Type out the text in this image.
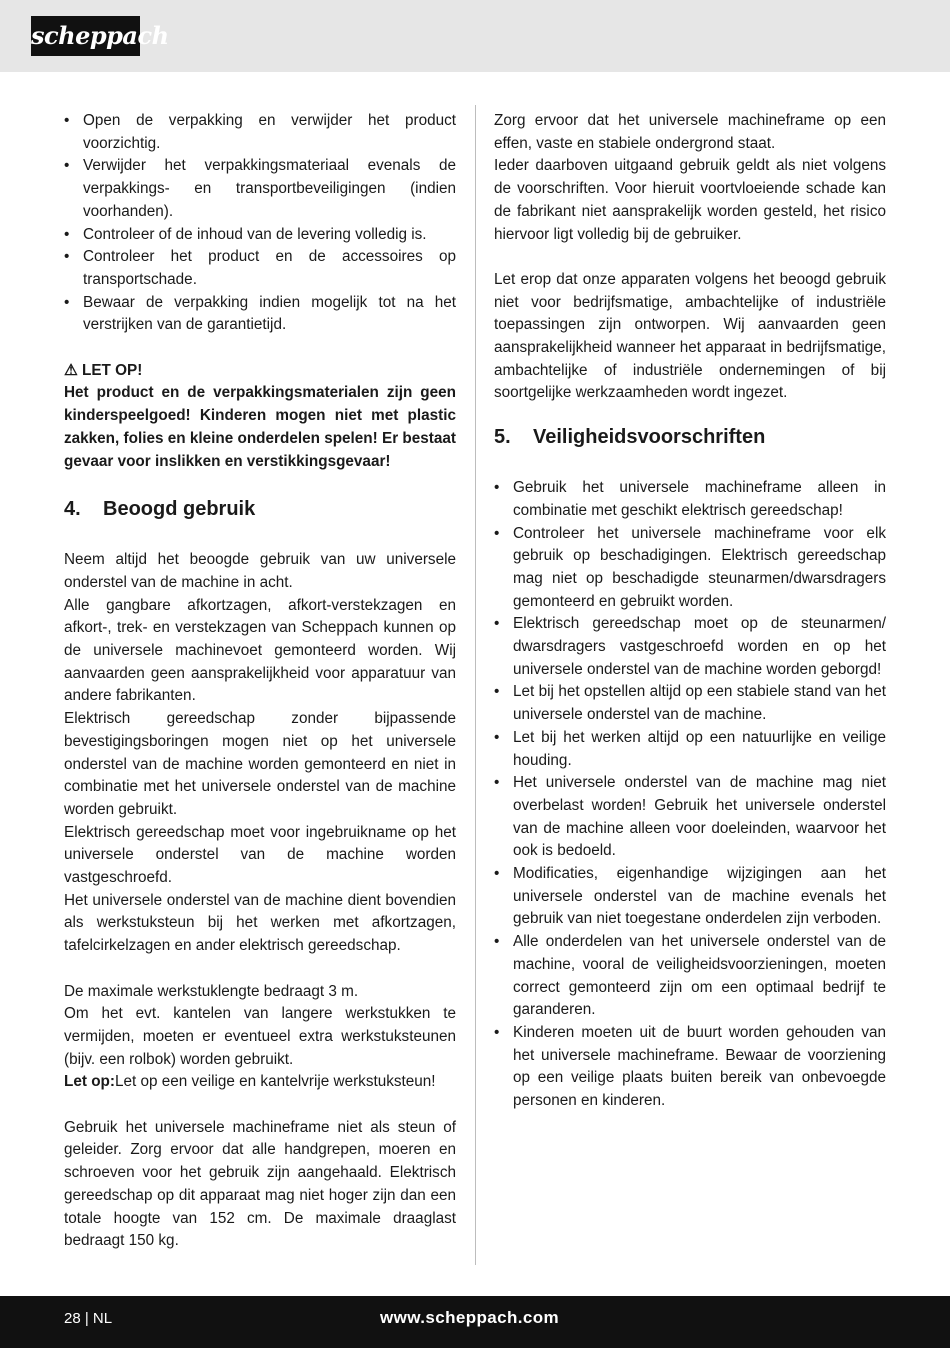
scheppach
• Open de verpakking en verwijder het product voorzichtig.
• Verwijder het verpakkingsmateriaal evenals de verpakkings- en transportbeveiligingen (indien voorhanden).
• Controleer of de inhoud van de levering volledig is.
• Controleer het product en de accessoires op transportschade.
• Bewaar de verpakking indien mogelijk tot na het verstrijken van de garantietijd.
⚠ LET OP!

Het product en de verpakkingsmaterialen zijn geen kinderspeelgoed! Kinderen mogen niet met plastic zakken, folies en kleine onderdelen spelen! Er bestaat gevaar voor inslikken en verstikkingsgevaar!

4. Beoogd gebruik

Neem altijd het beoogde gebruik van uw universele onderstel van de machine in acht.

Alle gangbare afkortzagen, afkort-verstekzagen en afkort-, trek- en verstekzagen van Scheppach kunnen op de universele machinevoet gemonteerd worden. Wij aanvaarden geen aansprakelijkheid voor apparatuur van andere fabrikanten.

Elektrisch gereedschap zonder bijpassende bevestigingsboringen mogen niet op het universele onderstel van de machine worden gemonteerd en niet in combinatie met het universele onderstel van de machine worden gebruikt.

Elektrisch gereedschap moet voor ingebruikname op het universele onderstel van de machine worden vastgeschroefd.

Het universele onderstel van de machine dient bovendien als werkstuksteun bij het werken met afkortzagen, tafelcirkelzagen en ander elektrisch gereedschap.

De maximale werkstuklengte bedraagt 3 m.

Om het evt. kantelen van langere werkstukken te vermijden, moeten er eventueel extra werkstuksteunen (bijv. een rolbok) worden gebruikt.

Let op:Let op een veilige en kantelvrije werkstuksteun!

Gebruik het universele machineframe niet als steun of geleider. Zorg ervoor dat alle handgrepen, moeren en schroeven voor het gebruik zijn aangehaald. Elektrisch gereedschap op dit apparaat mag niet hoger zijn dan een totale hoogte van 152 cm. De maximale draaglast bedraagt 150 kg.

Zorg ervoor dat het universele machineframe op een effen, vaste en stabiele ondergrond staat.

Ieder daarboven uitgaand gebruik geldt als niet volgens de voorschriften. Voor hieruit voortvloeiende schade kan de fabrikant niet aansprakelijk worden gesteld, het risico hiervoor ligt volledig bij de gebruiker.

Let erop dat onze apparaten volgens het beoogd gebruik niet voor bedrijfsmatige, ambachtelijke of industriële toepassingen zijn ontworpen. Wij aanvaarden geen aansprakelijkheid wanneer het apparaat in bedrijfsmatige, ambachtelijke of industriële ondernemingen of bij soortgelijke werkzaamheden wordt ingezet.

5. Veiligheidsvoorschriften
• Gebruik het universele machineframe alleen in combinatie met geschikt elektrisch gereedschap!
• Controleer het universele machineframe voor elk gebruik op beschadigingen. Elektrisch gereedschap mag niet op beschadigde steunarmen/dwarsdragers gemonteerd en gebruikt worden.
• Elektrisch gereedschap moet op de steunarmen/ dwarsdragers vastgeschroefd worden en op het universele onderstel van de machine worden geborgd!
• Let bij het opstellen altijd op een stabiele stand van het universele onderstel van de machine.
• Let bij het werken altijd op een natuurlijke en veilige houding.
• Het universele onderstel van de machine mag niet overbelast worden! Gebruik het universele onderstel van de machine alleen voor doeleinden, waarvoor het ook is bedoeld.
• Modificaties, eigenhandige wijzigingen aan het universele onderstel van de machine evenals het gebruik van niet toegestane onderdelen zijn verboden.
• Alle onderdelen van het universele onderstel van de machine, vooral de veiligheidsvoorzieningen, moeten correct gemonteerd zijn om een optimaal bedrijf te garanderen.
• Kinderen moeten uit de buurt worden gehouden van het universele machineframe. Bewaar de voorziening op een veilige plaats buiten bereik van onbevoegde personen en kinderen.
28 | NL	www.scheppach.com
